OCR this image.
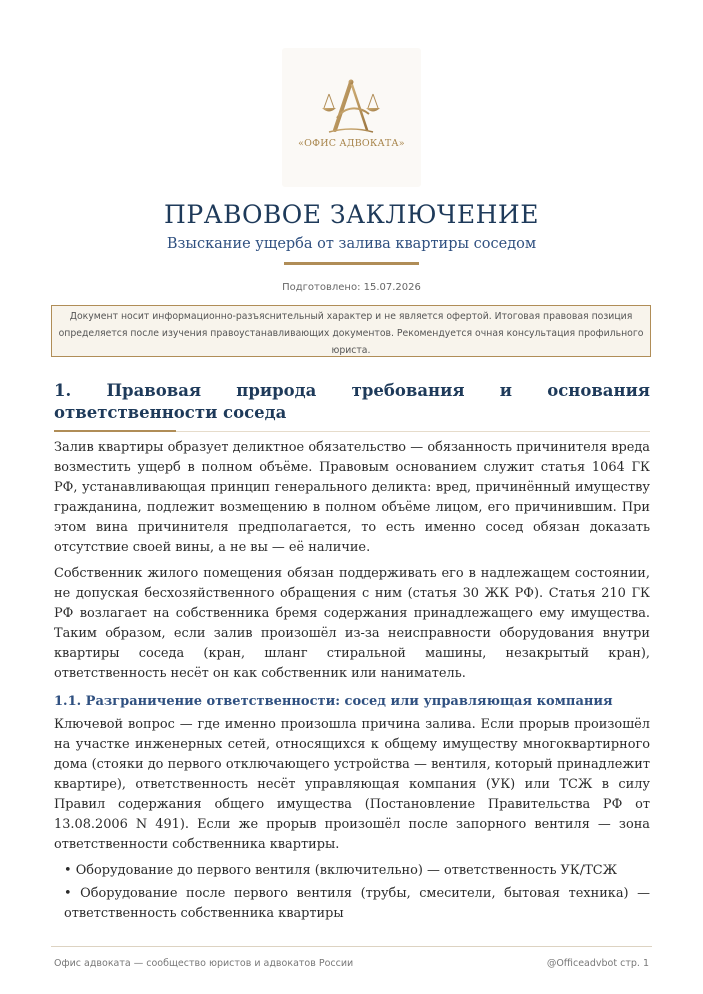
«ОФИС АДВОКАТА»
ПРАВОВОЕ ЗАКЛЮЧЕНИЕ
Взыскание ущерба от залива квартиры соседом
Подготовлено: 15.07.2026
Документ носит информационно-разъяснительный характер и не является офертой. Итоговая правовая позиция определяется после изучения правоустанавливающих документов. Рекомендуется очная консультация профильного юриста.
1. Правовая природа требования и основания ответственности соседа
Залив квартиры образует деликтное обязательство — обязанность причинителя вреда возместить ущерб в полном объёме. Правовым основанием служит статья 1064 ГК РФ, устанавливающая принцип генерального деликта: вред, причинённый имуществу гражданина, подлежит возмещению в полном объёме лицом, его причинившим. При этом вина причинителя предполагается, то есть именно сосед обязан доказать отсутствие своей вины, а не вы — её наличие.
Собственник жилого помещения обязан поддерживать его в надлежащем состоянии, не допуская бесхозяйственного обращения с ним (статья 30 ЖК РФ). Статья 210 ГК РФ возлагает на собственника бремя содержания принадлежащего ему имущества. Таким образом, если залив произошёл из-за неисправности оборудования внутри квартиры соседа (кран, шланг стиральной машины, незакрытый кран), ответственность несёт он как собственник или наниматель.
1.1. Разграничение ответственности: сосед или управляющая компания
Ключевой вопрос — где именно произошла причина залива. Если прорыв произошёл на участке инженерных сетей, относящихся к общему имуществу многоквартирного дома (стояки до первого отключающего устройства — вентиля, который принадлежит квартире), ответственность несёт управляющая компания (УК) или ТСЖ в силу Правил содержания общего имущества (Постановление Правительства РФ от 13.08.2006 N 491). Если же прорыв произошёл после запорного вентиля — зона ответственности собственника квартиры.
• Оборудование до первого вентиля (включительно) — ответственность УК/ТСЖ
• Оборудование после первого вентиля (трубы, смесители, бытовая техника) — ответственность собственника квартиры
Офис адвоката — сообщество юристов и адвокатов России	@Officeadvbot стр. 1
